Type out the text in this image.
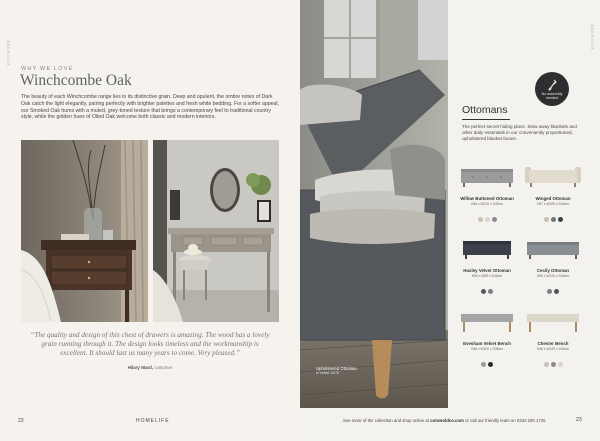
BEDROOM
WHY WE LOVE
Winchcombe Oak
The beauty of each Winchcombe range lies in its distinctive grain. Deep and opulent, the ombre notes of Dark Oak catch the light elegantly, pairing perfectly with brighter palettes and fresh white bedding. For a softer appeal, our Smoked Oak hums with a muted, grey-toned texture that brings a contemporary feel to traditional country style, while the golden hues of Oiled Oak welcome both classic and modern interiors.
“The quality and design of this chest of drawers is amazing. The wood has a lovely grain running through it. The design looks timeless and the workmanship is excellent. It should last us many years to come. Very pleased.”
Hilary Ward, customer
22	HOMELIFE
BEDROOM
Upholstered Ottoman
in Velvet, £675
See more of the collection and shop online at cotswoldco.com or call our friendly team on 0333 200 1725	23
No assembly needed
Ottomans
The perfect secret hiding place. Stow away blankets and other daily essentials in our conveniently proportioned, upholstered blanket boxes.
Willow Buttoned Ottoman
H46 x W120 x D45cm
Winged Ottoman
H57 x W109 x D46cm
Huxley Velvet Ottoman
H50 x W90 x D46cm
Cecily Ottoman
H50 x W120 x D46cm
Evesham Velvet Bench
H46 x W100 x D38cm
Chester Bench
H46 x W120 x D40cm
